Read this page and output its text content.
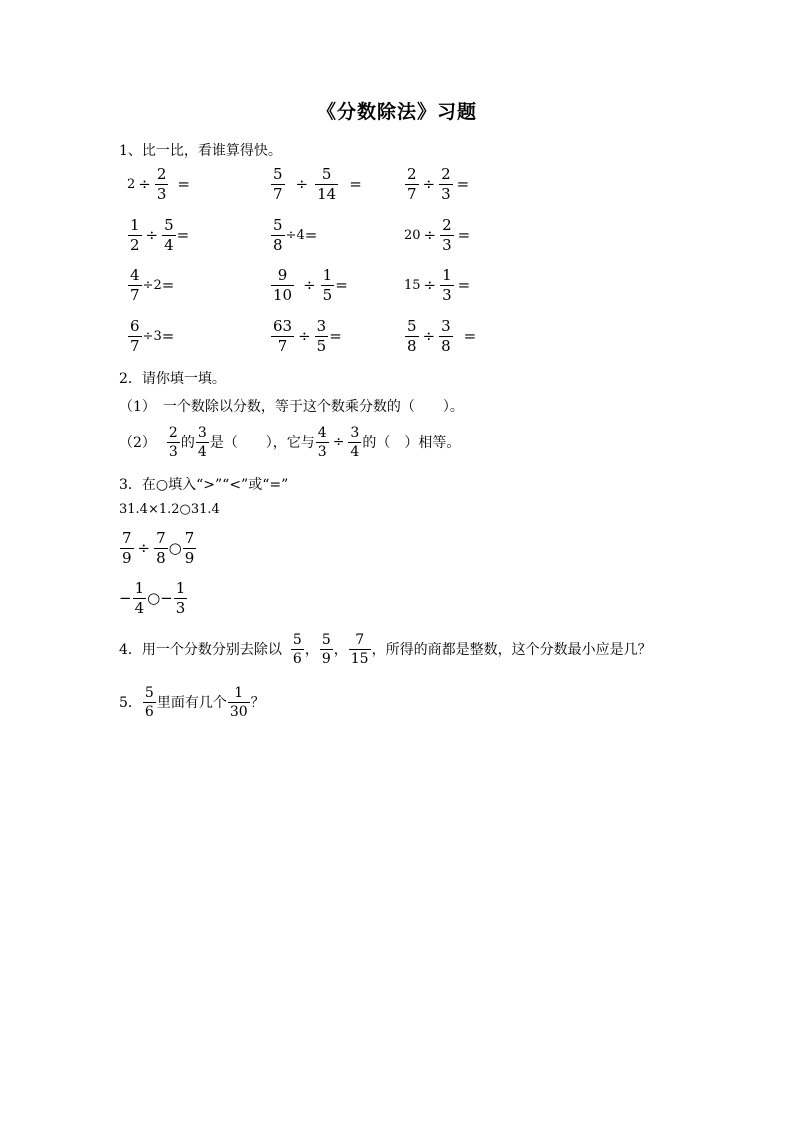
《分数除法》习题
1、比一比，看谁算得快。
$2 \div \frac{2}{3}$ =	$\frac{5}{7} \div \frac{5}{14}$ =	$\frac{2}{7} \div \frac{2}{3}$ =
$\frac{1}{2} \div \frac{5}{4}$ =	$\frac{5}{8} \div 4$ =	$20 \div \frac{2}{3}$ =
$\frac{4}{7} \div 2$ =	$\frac{9}{10} \div \frac{1}{5}$ =	$15 \div \frac{1}{3}$ =
$\frac{6}{7} \div 3$ =	$\frac{63}{7} \div \frac{3}{5}$ =	$\frac{5}{8} \div \frac{3}{8}$ =
2．请你填一填。
（1）　一个数除以分数，等于这个数乘分数的（　　）。
$(2) \frac{2}{3}$ 的 $\frac{3}{4}$ 是（　　），它与 $\frac{4}{3} \div \frac{3}{4}$ 的（　）相等。
3．在○填入“>”“<”或“=”
31.4×1.2○31.4
$\frac{7}{9} \div \frac{7}{8}$ ○ $\frac{7}{9}$
− $\frac{1}{4}$ ○ − $\frac{1}{3}$
4．用一个分数分别去除以 $\frac{5}{6}$ ， $\frac{5}{9}$ ， $\frac{7}{15}$ ，所得的商都是整数，这个分数最小应是几？
5． $\frac{5}{6}$ 里面有几个 $\frac{1}{30}$ ？
